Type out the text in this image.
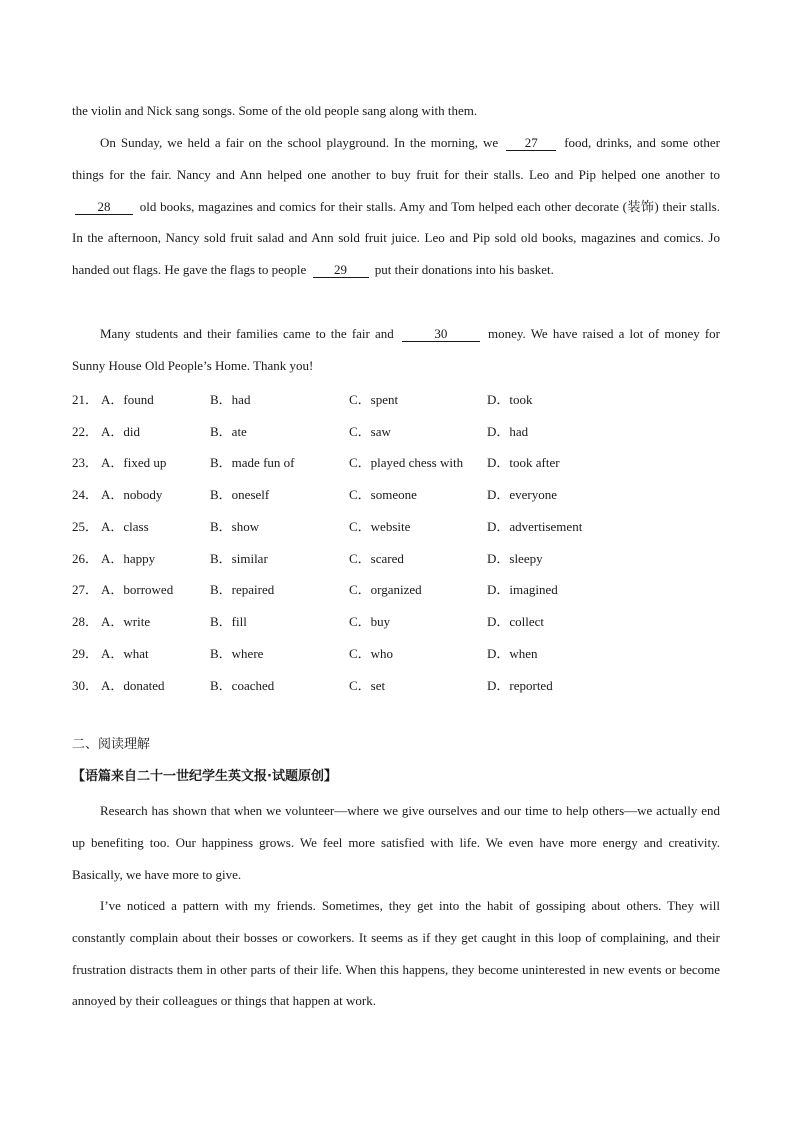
the violin and Nick sang songs. Some of the old people sang along with them.
On Sunday, we held a fair on the school playground. In the morning, we 27 food, drinks, and some other things for the fair. Nancy and Ann helped one another to buy fruit for their stalls. Leo and Pip helped one another to 28 old books, magazines and comics for their stalls. Amy and Tom helped each other decorate (装饰) their stalls. In the afternoon, Nancy sold fruit salad and Ann sold fruit juice. Leo and Pip sold old books, magazines and comics. Jo handed out flags. He gave the flags to people 29 put their donations into his basket.
Many students and their families came to the fair and	30	money. We have raised a lot of money for Sunny House Old People’s Home. Thank you!
21． A．found	B．had	C．spent	D．took
22． A．did	B．ate	C．saw	D．had
23． A．fixed up	B．made fun of	C．played chess with D．took after
24． A．nobody	B．oneself	C．someone	D．everyone
25． A．class	B．show	C．website	D．advertisement
26． A．happy	B．similar	C．scared	D．sleepy
27． A．borrowed	B．repaired	C．organized	D．imagined
28． A．write	B．fill	C．buy	D．collect
29． A．what	B．where	C．who	D．when
30． A．donated	B．coached	C．set	D．reported
二、阅读理解
【语篇来自二十一世纪学生英文报·试题原创】
Research has shown that when we volunteer—where we give ourselves and our time to help others—we actually end up benefiting too. Our happiness grows. We feel more satisfied with life. We even have more energy and creativity. Basically, we have more to give.
I’ve noticed a pattern with my friends. Sometimes, they get into the habit of gossiping about others. They will constantly complain about their bosses or coworkers. It seems as if they get caught in this loop of complaining, and their frustration distracts them in other parts of their life. When this happens, they become uninterested in new events or become annoyed by their colleagues or things that happen at work.
